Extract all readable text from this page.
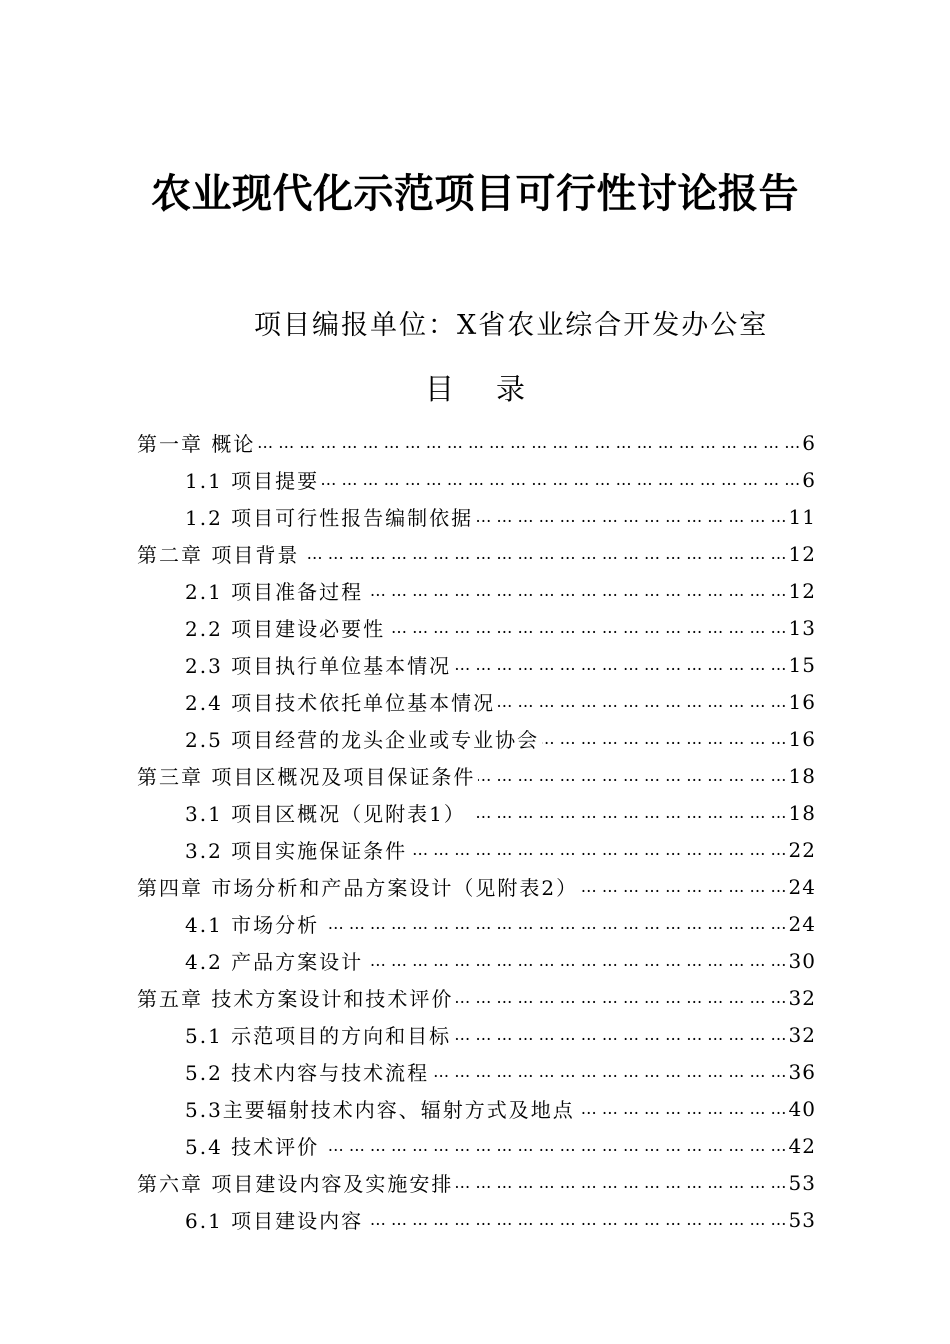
农业现代化示范项目可行性讨论报告
项目编报单位：X省农业综合开发办公室
目 录
第一章 概论 … … … … … … … … … … … … … … … … … … … … … … … … … … … … … … … … … … … … … … … … … …	6
1.1 项目提要 … … … … … … … … … … … … … … … … … … … … … … … … … … … … … … … … … … … … … … … … … …	6
1.2 项目可行性报告编制依据 … … … … … … … … … … … … … … … … … … … … … … … … … … … … … … … … … … … … … … … … … …	11
第二章 项目背景 … … … … … … … … … … … … … … … … … … … … … … … … … … … … … … … … … … … … … … … … … …	12
2.1 项目准备过程 … … … … … … … … … … … … … … … … … … … … … … … … … … … … … … … … … … … … … … … … … …	12
2.2 项目建设必要性 … … … … … … … … … … … … … … … … … … … … … … … … … … … … … … … … … … … … … … … … … …	13
2.3 项目执行单位基本情况 … … … … … … … … … … … … … … … … … … … … … … … … … … … … … … … … … … … … … … … … … …	15
2.4 项目技术依托单位基本情况 … … … … … … … … … … … … … … … … … … … … … … … … … … … … … … … … … … … … … … … … … …	16
2.5 项目经营的龙头企业或专业协会 … … … … … … … … … … … … … … … … … … … … … … … … … … … … … … … … … … … … … … … … … …	16
第三章 项目区概况及项目保证条件 … … … … … … … … … … … … … … … … … … … … … … … … … … … … … … … … … … … … … … … … … …	18
3.1 项目区概况（见附表1） … … … … … … … … … … … … … … … … … … … … … … … … … … … … … … … … … … … … … … … … … …	18
3.2 项目实施保证条件 … … … … … … … … … … … … … … … … … … … … … … … … … … … … … … … … … … … … … … … … … …	22
第四章 市场分析和产品方案设计（见附表2） … … … … … … … … … … … … … … … … … … … … … … … … … … … … … … … … … … … … … … … … … …	24
4.1 市场分析 … … … … … … … … … … … … … … … … … … … … … … … … … … … … … … … … … … … … … … … … … …	24
4.2 产品方案设计 … … … … … … … … … … … … … … … … … … … … … … … … … … … … … … … … … … … … … … … … … …	30
第五章 技术方案设计和技术评价 … … … … … … … … … … … … … … … … … … … … … … … … … … … … … … … … … … … … … … … … … …	32
5.1 示范项目的方向和目标 … … … … … … … … … … … … … … … … … … … … … … … … … … … … … … … … … … … … … … … … … …	32
5.2 技术内容与技术流程 … … … … … … … … … … … … … … … … … … … … … … … … … … … … … … … … … … … … … … … … … …	36
5.3主要辐射技术内容、辐射方式及地点 … … … … … … … … … … … … … … … … … … … … … … … … … … … … … … … … … … … … … … … … … …	40
5.4 技术评价 … … … … … … … … … … … … … … … … … … … … … … … … … … … … … … … … … … … … … … … … … …	42
第六章 项目建设内容及实施安排 … … … … … … … … … … … … … … … … … … … … … … … … … … … … … … … … … … … … … … … … … …	53
6.1 项目建设内容 … … … … … … … … … … … … … … … … … … … … … … … … … … … … … … … … … … … … … … … … … …	53
